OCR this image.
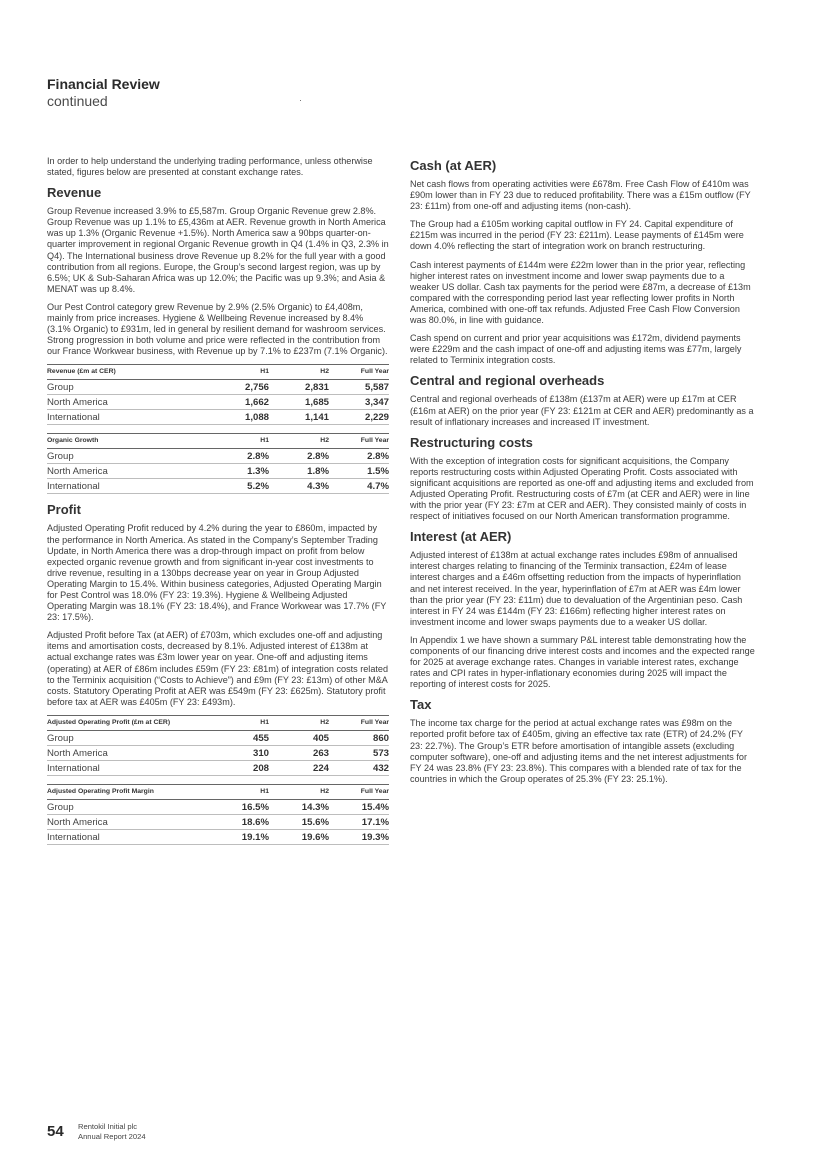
Financial Review
continued

In order to help understand the underlying trading performance, unless otherwise stated, figures below are presented at constant exchange rates.

Revenue

Group Revenue increased 3.9% to £5,587m. Group Organic Revenue grew 2.8%. Group Revenue was up 1.1% to £5,436m at AER. Revenue growth in North America was up 1.3% (Organic Revenue +1.5%). North America saw a 90bps quarter-on-quarter improvement in regional Organic Revenue growth in Q4 (1.4% in Q3, 2.3% in Q4). The International business drove Revenue up 8.2% for the full year with a good contribution from all regions. Europe, the Group’s second largest region, was up by 6.5%; UK & Sub-Saharan Africa was up 12.0%; the Pacific was up 9.3%; and Asia & MENAT was up 8.4%.

Our Pest Control category grew Revenue by 2.9% (2.5% Organic) to £4,408m, mainly from price increases. Hygiene & Wellbeing Revenue increased by 8.4% (3.1% Organic) to £931m, led in general by resilient demand for washroom services. Strong progression in both volume and price were reflected in the contribution from our France Workwear business, with Revenue up by 7.1% to £237m (7.1% Organic).

Revenue (£m at CER)	H1	H2	Full Year
Group	2,756	2,831	5,587
North America	1,662	1,685	3,347
International	1,088	1,141	2,229
Organic Growth	H1	H2	Full Year
Group	2.8%	2.8%	2.8%
North America	1.3%	1.8%	1.5%
International	5.2%	4.3%	4.7%
Profit

Adjusted Operating Profit reduced by 4.2% during the year to £860m, impacted by the performance in North America. As stated in the Company’s September Trading Update, in North America there was a drop-through impact on profit from below expected organic revenue growth and from significant in-year cost investments to drive revenue, resulting in a 130bps decrease year on year in Group Adjusted Operating Margin to 15.4%. Within business categories, Adjusted Operating Margin for Pest Control was 18.0% (FY 23: 19.3%). Hygiene & Wellbeing Adjusted Operating Margin was 18.1% (FY 23: 18.4%), and France Workwear was 17.7% (FY 23: 17.5%).

Adjusted Profit before Tax (at AER) of £703m, which excludes one-off and adjusting items and amortisation costs, decreased by 8.1%. Adjusted interest of £138m at actual exchange rates was £3m lower year on year. One-off and adjusting items (operating) at AER of £86m includes £59m (FY 23: £81m) of integration costs related to the Terminix acquisition (“Costs to Achieve”) and £9m (FY 23: £13m) of other M&A costs. Statutory Operating Profit at AER was £549m (FY 23: £625m). Statutory profit before tax at AER was £405m (FY 23: £493m).

Adjusted Operating Profit (£m at CER)	H1	H2	Full Year
Group	455	405	860
North America	310	263	573
International	208	224	432
Adjusted Operating Profit Margin	H1	H2	Full Year
Group	16.5%	14.3%	15.4%
North America	18.6%	15.6%	17.1%
International	19.1%	19.6%	19.3%
Cash (at AER)

Net cash flows from operating activities were £678m. Free Cash Flow of £410m was £90m lower than in FY 23 due to reduced profitability. There was a £15m outflow (FY 23: £11m) from one-off and adjusting items (non-cash).

The Group had a £105m working capital outflow in FY 24. Capital expenditure of £215m was incurred in the period (FY 23: £211m). Lease payments of £145m were down 4.0% reflecting the start of integration work on branch restructuring.

Cash interest payments of £144m were £22m lower than in the prior year, reflecting higher interest rates on investment income and lower swap payments due to a weaker US dollar. Cash tax payments for the period were £87m, a decrease of £13m compared with the corresponding period last year reflecting lower profits in North America, combined with one-off tax refunds. Adjusted Free Cash Flow Conversion was 80.0%, in line with guidance.

Cash spend on current and prior year acquisitions was £172m, dividend payments were £229m and the cash impact of one-off and adjusting items was £77m, largely related to Terminix integration costs.

Central and regional overheads

Central and regional overheads of £138m (£137m at AER) were up £17m at CER (£16m at AER) on the prior year (FY 23: £121m at CER and AER) predominantly as a result of inflationary increases and increased IT investment.

Restructuring costs

With the exception of integration costs for significant acquisitions, the Company reports restructuring costs within Adjusted Operating Profit. Costs associated with significant acquisitions are reported as one-off and adjusting items and excluded from Adjusted Operating Profit. Restructuring costs of £7m (at CER and AER) were in line with the prior year (FY 23: £7m at CER and AER). They consisted mainly of costs in respect of initiatives focused on our North American transformation programme.

Interest (at AER)

Adjusted interest of £138m at actual exchange rates includes £98m of annualised interest charges relating to financing of the Terminix transaction, £24m of lease interest charges and a £46m offsetting reduction from the impacts of hyperinflation and net interest received. In the year, hyperinflation of £7m at AER was £4m lower than the prior year (FY 23: £11m) due to devaluation of the Argentinian peso. Cash interest in FY 24 was £144m (FY 23: £166m) reflecting higher interest rates on investment income and lower swaps payments due to a weaker US dollar.

In Appendix 1 we have shown a summary P&L interest table demonstrating how the components of our financing drive interest costs and incomes and the expected range for 2025 at average exchange rates. Changes in variable interest rates, exchange rates and CPI rates in hyper-inflationary economies during 2025 will impact the reporting of interest costs for 2025.

Tax

The income tax charge for the period at actual exchange rates was £98m on the reported profit before tax of £405m, giving an effective tax rate (ETR) of 24.2% (FY 23: 22.7%). The Group’s ETR before amortisation of intangible assets (excluding computer software), one-off and adjusting items and the net interest adjustments for FY 24 was 23.8% (FY 23: 23.8%). This compares with a blended rate of tax for the countries in which the Group operates of 25.3% (FY 23: 25.1%).

54 Rentokil Initial plc
Annual Report 2024
